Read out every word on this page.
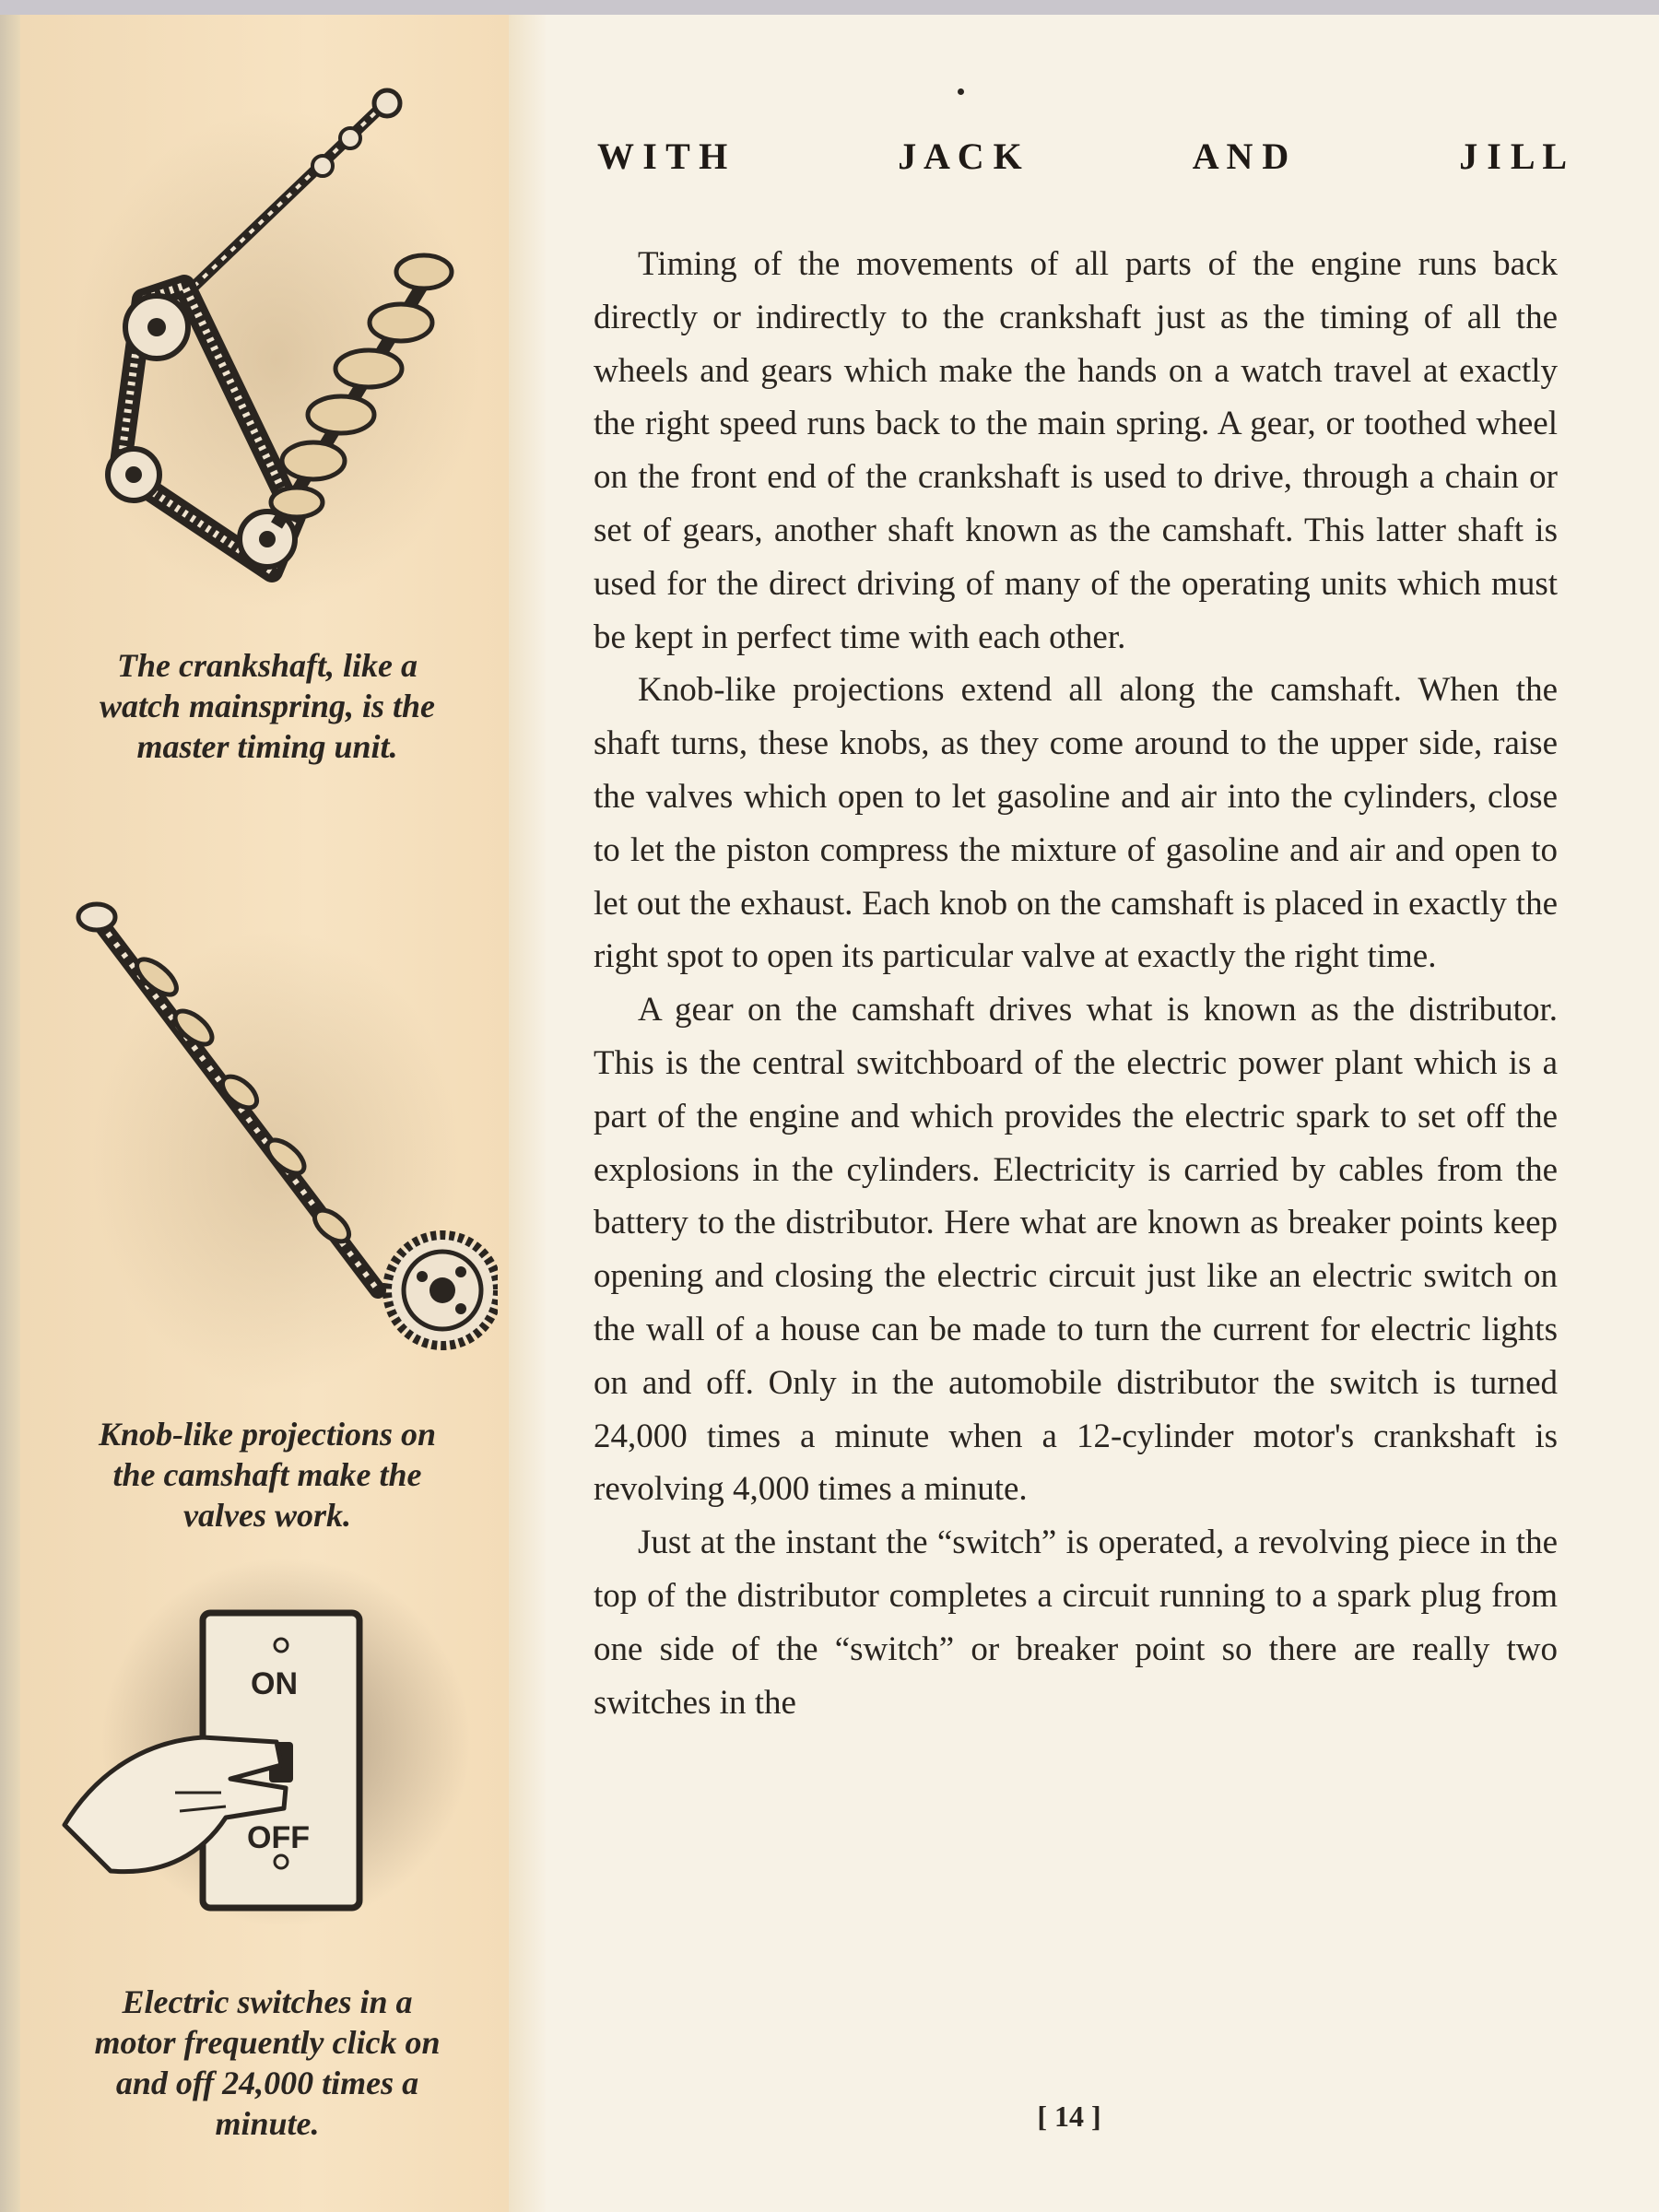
W I T H	J A C K	A N D	J I L L

Timing of the movements of all parts of the engine runs back directly or indirectly to the crankshaft just as the timing of all the wheels and gears which make the hands on a watch travel at exactly the right speed runs back to the main spring. A gear, or toothed wheel on the front end of the crankshaft is used to drive, through a chain or set of gears, another shaft known as the camshaft. This latter shaft is used for the direct driving of many of the operating units which must be kept in perfect time with each other.

Knob-like projections extend all along the camshaft. When the shaft turns, these knobs, as they come around to the upper side, raise the valves which open to let gasoline and air into the cylinders, close to let the piston compress the mixture of gasoline and air and open to let out the exhaust. Each knob on the camshaft is placed in exactly the right spot to open its particular valve at exactly the right time.

A gear on the camshaft drives what is known as the distributor. This is the central switchboard of the electric power plant which is a part of the engine and which provides the electric spark to set off the explosions in the cylinders. Electricity is carried by cables from the battery to the distributor. Here what are known as breaker points keep opening and closing the electric circuit just like an electric switch on the wall of a house can be made to turn the current for electric lights on and off. Only in the automobile distributor the switch is turned 24,000 times a minute when a 12-cylinder motor's crankshaft is revolving 4,000 times a minute.

Just at the instant the “switch” is operated, a revolving piece in the top of the distributor completes a circuit running to a spark plug from one side of the “switch” or breaker point so there are really two switches in the

[ 14 ]
The crankshaft, like a
watch mainspring, is the
master timing unit.
Knob-like projections on
the camshaft make the
valves work.
ON
OFF
Electric switches in a
motor frequently click on
and off 24,000 times a
minute.
